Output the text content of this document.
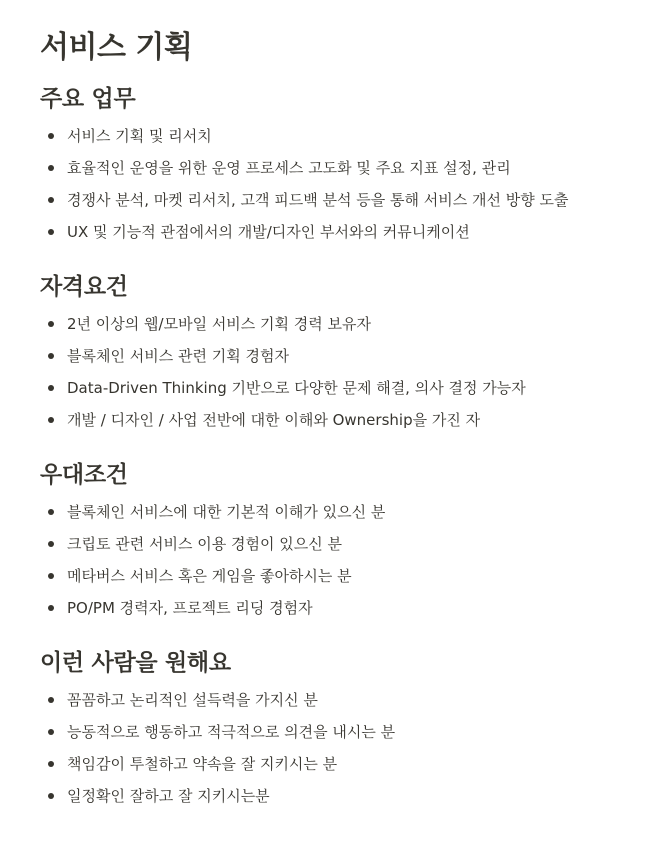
서비스 기획
주요 업무
서비스 기획 및 리서치
효율적인 운영을 위한 운영 프로세스 고도화 및 주요 지표 설정, 관리
경쟁사 분석, 마켓 리서치, 고객 피드백 분석 등을 통해 서비스 개선 방향 도출
UX 및 기능적 관점에서의 개발/디자인 부서와의 커뮤니케이션
자격요건
2년 이상의 웹/모바일 서비스 기획 경력 보유자
블록체인 서비스 관련 기획 경험자
Data-Driven Thinking 기반으로 다양한 문제 해결, 의사 결정 가능자
개발 / 디자인 / 사업 전반에 대한 이해와 Ownership을 가진 자
우대조건
블록체인 서비스에 대한 기본적 이해가 있으신 분
크립토 관련 서비스 이용 경험이 있으신 분
메타버스 서비스 혹은 게임을 좋아하시는 분
PO/PM 경력자, 프로젝트 리딩 경험자
이런 사람을 원해요
꼼꼼하고 논리적인 설득력을 가지신 분
능동적으로 행동하고 적극적으로 의견을 내시는 분
책임감이 투철하고 약속을 잘 지키시는 분
일정확인 잘하고 잘 지키시는분
